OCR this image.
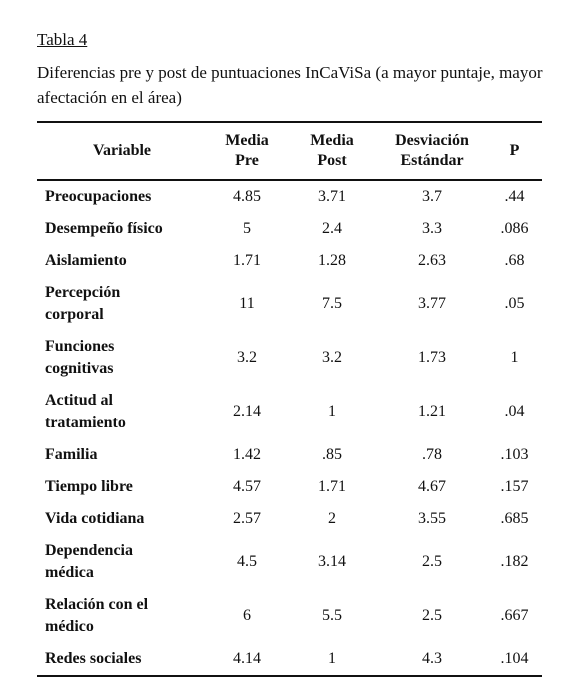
Tabla 4
Diferencias pre y post de puntuaciones InCaViSa (a mayor puntaje, mayor afectación en el área)
Variable	Media Pre	Media Post	Desviación Estándar	P
Preocupaciones	4.85	3.71	3.7	.44
Desempeño físico	5	2.4	3.3	.086
Aislamiento	1.71	1.28	2.63	.68

Percepción corporal	11	7.5	3.77	.05

Funciones cognitivas	3.2	3.2	1.73	1

Actitud al tratamiento	2.14	1	1.21	.04
Familia	1.42	.85	.78	.103
Tiempo libre	4.57	1.71	4.67	.157
Vida cotidiana	2.57	2	3.55	.685

Dependencia médica	4.5	3.14	2.5	.182

Relación con el médico	6	5.5	2.5	.667
Redes sociales	4.14	1	4.3	.104
